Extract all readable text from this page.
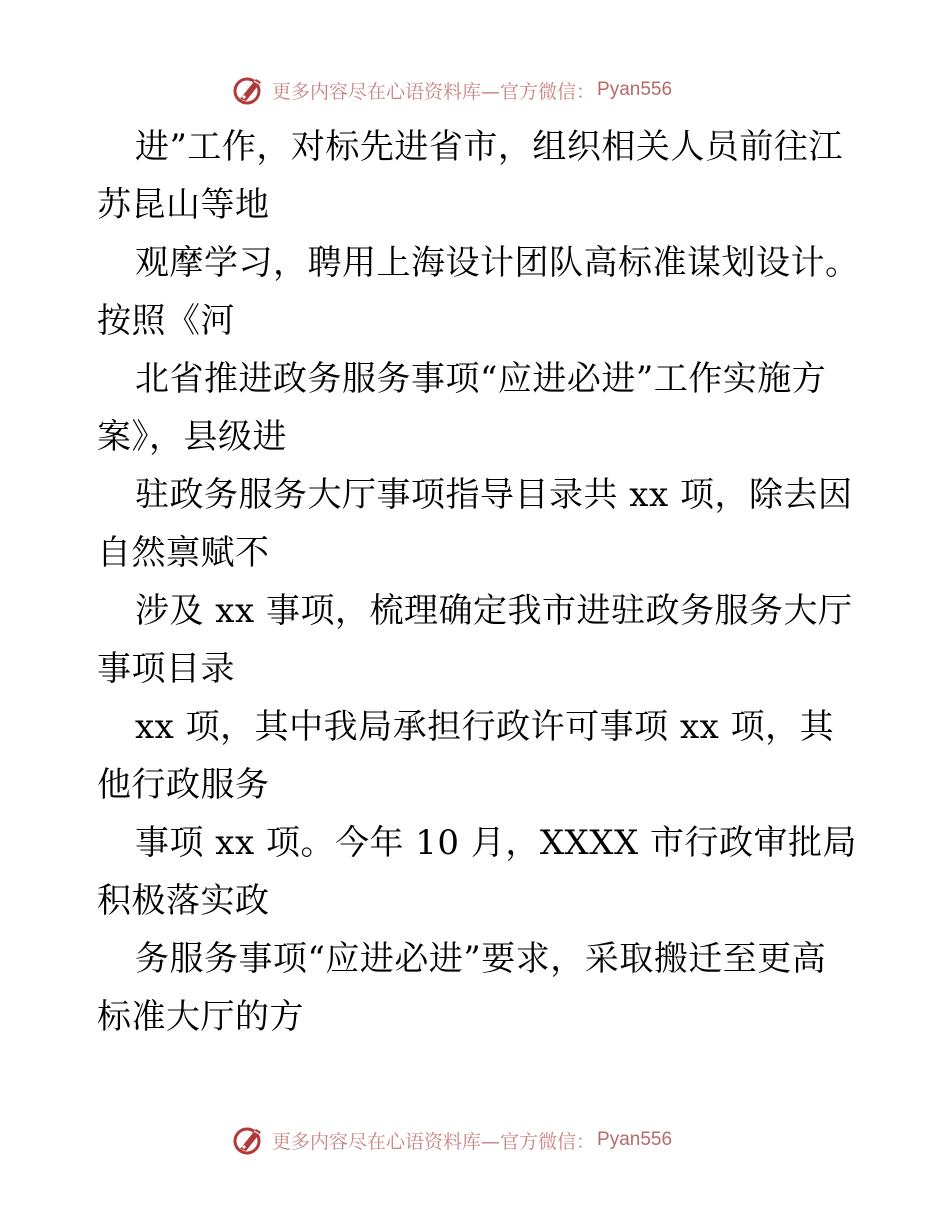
更多内容尽在心语资料库—官方微信： Pyan556
进”工作，对标先进省市，组织相关人员前往江
苏昆山等地
观摩学习，聘用上海设计团队高标准谋划设计。
按照《河
北省推进政务服务事项“应进必进”工作实施方
案》，县级进
驻政务服务大厅事项指导目录共 xx 项，除去因
自然禀赋不
涉及 xx 事项，梳理确定我市进驻政务服务大厅
事项目录
xx 项，其中我局承担行政许可事项 xx 项，其
他行政服务
事项 xx 项。今年 10 月，XXXX 市行政审批局
积极落实政
务服务事项“应进必进”要求，采取搬迁至更高
标准大厅的方
更多内容尽在心语资料库—官方微信： Pyan556
